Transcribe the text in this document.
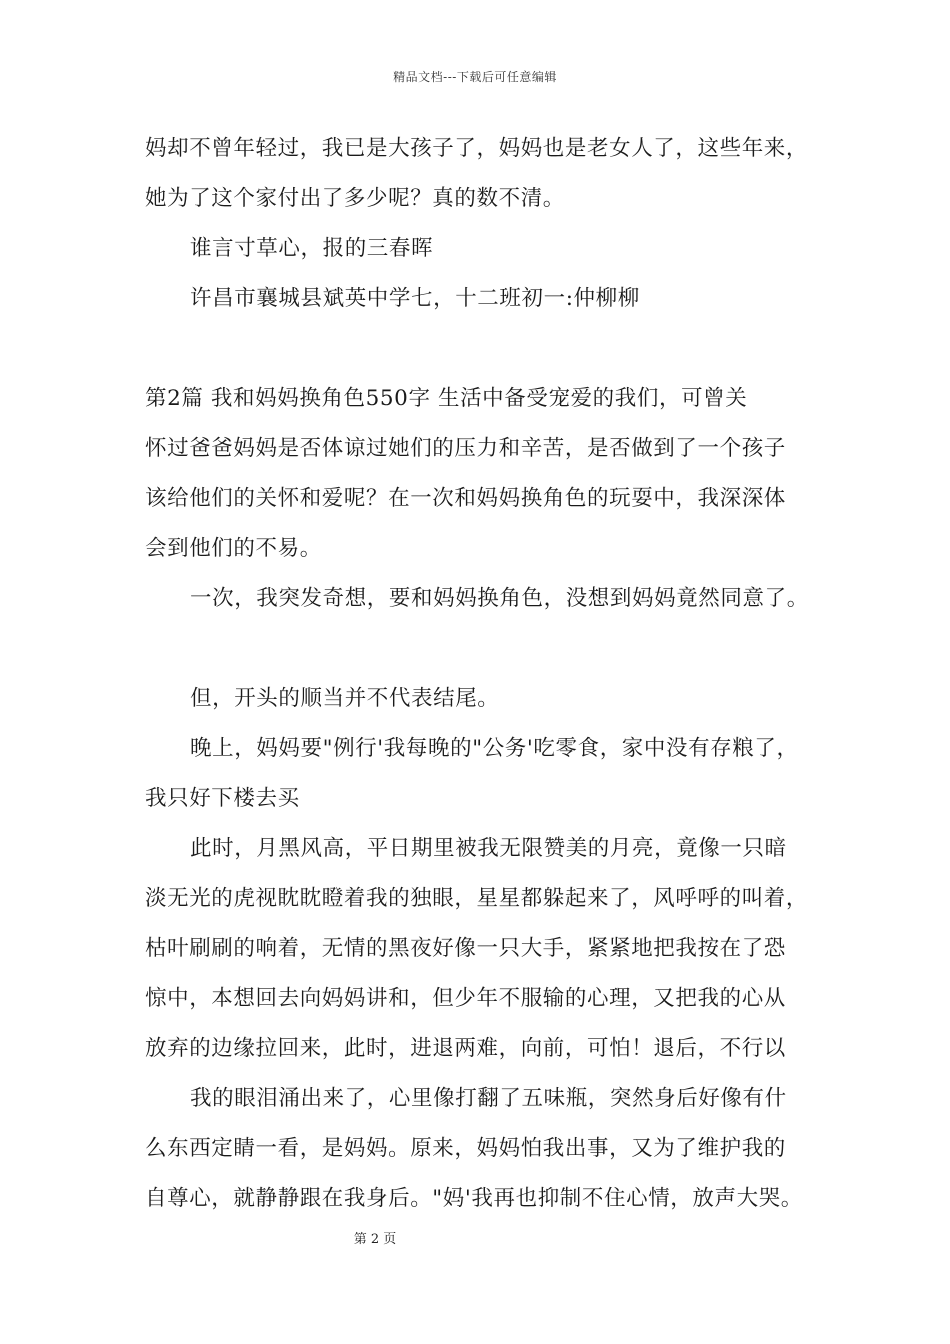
精品文档---下载后可任意编辑
妈却不曾年轻过，我已是大孩子了，妈妈也是老女人了，这些年来，
她为了这个家付出了多少呢？真的数不清。
谁言寸草心，报的三春晖
许昌市襄城县斌英中学七，十二班初一:仲柳柳
第2篇 我和妈妈换角色550字 生活中备受宠爱的我们，可曾关
怀过爸爸妈妈是否体谅过她们的压力和辛苦，是否做到了一个孩子
该给他们的关怀和爱呢？在一次和妈妈换角色的玩耍中，我深深体
会到他们的不易。
一次，我突发奇想，要和妈妈换角色，没想到妈妈竟然同意了。
但，开头的顺当并不代表结尾。
晚上，妈妈要"例行'我每晚的"公务'吃零食，家中没有存粮了，
我只好下楼去买
此时，月黑风高，平日期里被我无限赞美的月亮，竟像一只暗
淡无光的虎视眈眈瞪着我的独眼，星星都躲起来了，风呼呼的叫着，
枯叶刷刷的响着，无情的黑夜好像一只大手，紧紧地把我按在了恐
惊中，本想回去向妈妈讲和，但少年不服输的心理，又把我的心从
放弃的边缘拉回来，此时，进退两难，向前，可怕！退后，不行以
我的眼泪涌出来了，心里像打翻了五味瓶，突然身后好像有什
么东西定睛一看，是妈妈。原来，妈妈怕我出事，又为了维护我的
自尊心，就静静跟在我身后。"妈'我再也抑制不住心情，放声大哭。
第 2 页
